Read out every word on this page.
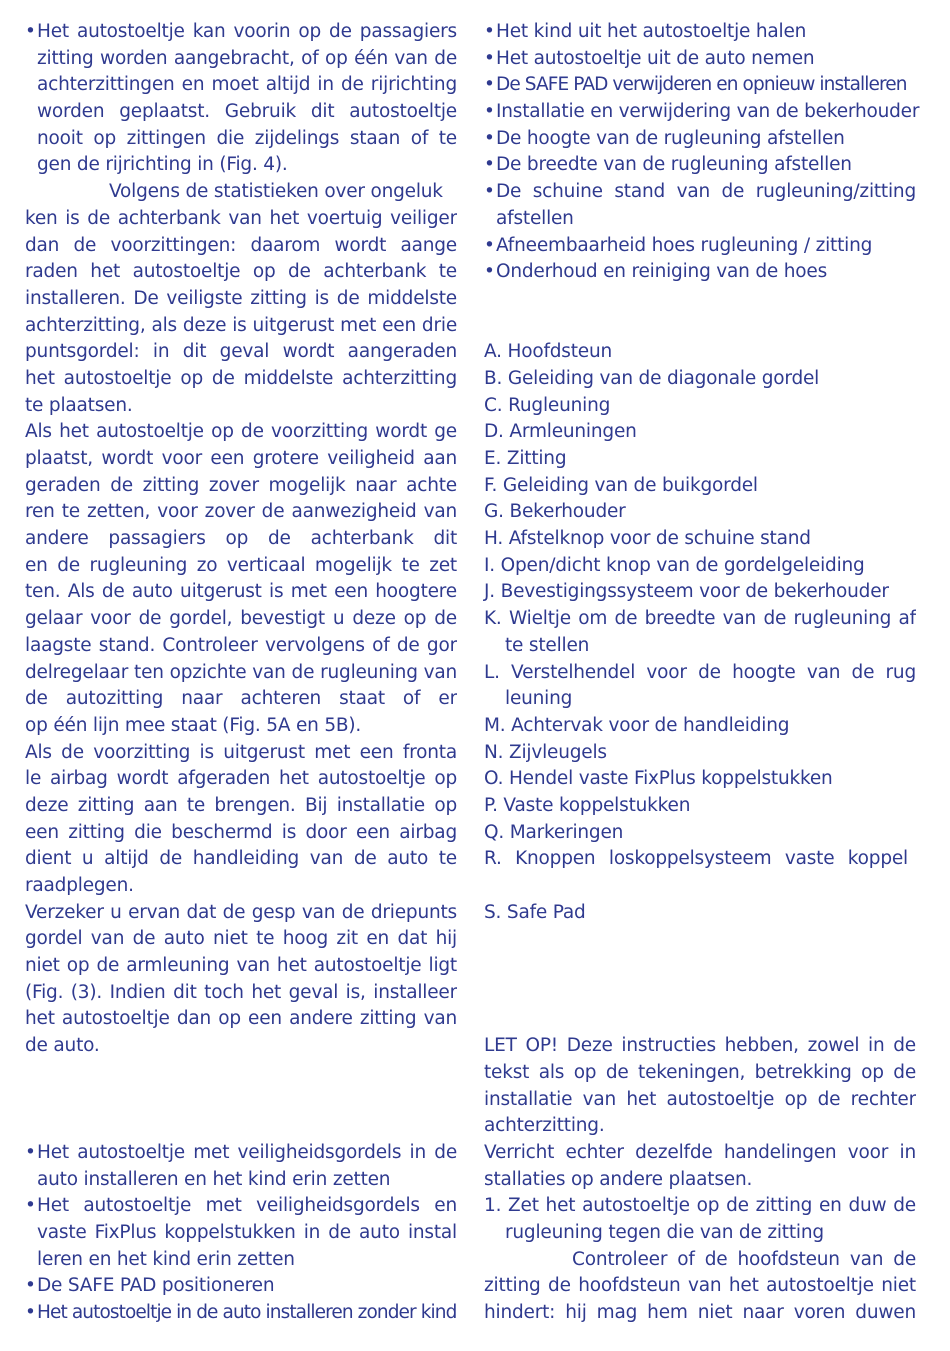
• Het autostoeltje kan voorin op de passagiers
zitting worden aangebracht, of op één van de
achterzittingen en moet altijd in de rijrichting
worden geplaatst. Gebruik dit autostoeltje
nooit op zittingen die zijdelings staan of te
gen de rijrichting in (Fig. 4).
Volgens de statistieken over ongeluk
ken is de achterbank van het voertuig veiliger
dan de voorzittingen: daarom wordt aange
raden het autostoeltje op de achterbank te
installeren. De veiligste zitting is de middelste
achterzitting, als deze is uitgerust met een drie
puntsgordel: in dit geval wordt aangeraden
het autostoeltje op de middelste achterzitting
te plaatsen.
Als het autostoeltje op de voorzitting wordt ge
plaatst, wordt voor een grotere veiligheid aan
geraden de zitting zover mogelijk naar achte
ren te zetten, voor zover de aanwezigheid van
andere passagiers op de achterbank dit
en de rugleuning zo verticaal mogelijk te zet
ten. Als de auto uitgerust is met een hoogtere
gelaar voor de gordel, bevestigt u deze op de
laagste stand. Controleer vervolgens of de gor
delregelaar ten opzichte van de rugleuning van
de autozitting naar achteren staat of er
op één lijn mee staat (Fig. 5A en 5B).
Als de voorzitting is uitgerust met een fronta
le airbag wordt afgeraden het autostoeltje op
deze zitting aan te brengen. Bij installatie op
een zitting die beschermd is door een airbag
dient u altijd de handleiding van de auto te
raadplegen.
Verzeker u ervan dat de gesp van de driepunts
gordel van de auto niet te hoog zit en dat hij
niet op de armleuning van het autostoeltje ligt
(Fig. (3). Indien dit toch het geval is, installeer
het autostoeltje dan op een andere zitting van
de auto.
• Het autostoeltje met veiligheidsgordels in de
auto installeren en het kind erin zetten
• Het autostoeltje met veiligheidsgordels en
vaste FixPlus koppelstukken in de auto instal
leren en het kind erin zetten
• De SAFE PAD positioneren
• Het autostoeltje in de auto installeren zonder kind
• Het kind uit het autostoeltje halen
• Het autostoeltje uit de auto nemen
• De SAFE PAD verwijderen en opnieuw installeren
• Installatie en verwijdering van de bekerhouder
• De hoogte van de rugleuning afstellen
• De breedte van de rugleuning afstellen
• De schuine stand van de rugleuning/zitting
afstellen
• Afneembaarheid hoes rugleuning / zitting
• Onderhoud en reiniging van de hoes
A. Hoofdsteun
B. Geleiding van de diagonale gordel
C. Rugleuning
D. Armleuningen
E. Zitting
F. Geleiding van de buikgordel
G. Bekerhouder
H. Afstelknop voor de schuine stand
I. Open/dicht knop van de gordelgeleiding
J. Bevestigingssysteem voor de bekerhouder
K. Wieltje om de breedte van de rugleuning af
te stellen
L. Verstelhendel voor de hoogte van de rug
leuning
M. Achtervak voor de handleiding
N. Zijvleugels
O. Hendel vaste FixPlus koppelstukken
P. Vaste koppelstukken
Q. Markeringen
R. Knoppen loskoppelsysteem vaste koppel
S. Safe Pad
LET OP! Deze instructies hebben, zowel in de
tekst als op de tekeningen, betrekking op de
installatie van het autostoeltje op de rechter
achterzitting.
Verricht echter dezelfde handelingen voor in
stallaties op andere plaatsen.
1. Zet het autostoeltje op de zitting en duw de
rugleuning tegen die van de zitting
Controleer of de hoofdsteun van de
zitting de hoofdsteun van het autostoeltje niet
hindert: hij mag hem niet naar voren duwen
